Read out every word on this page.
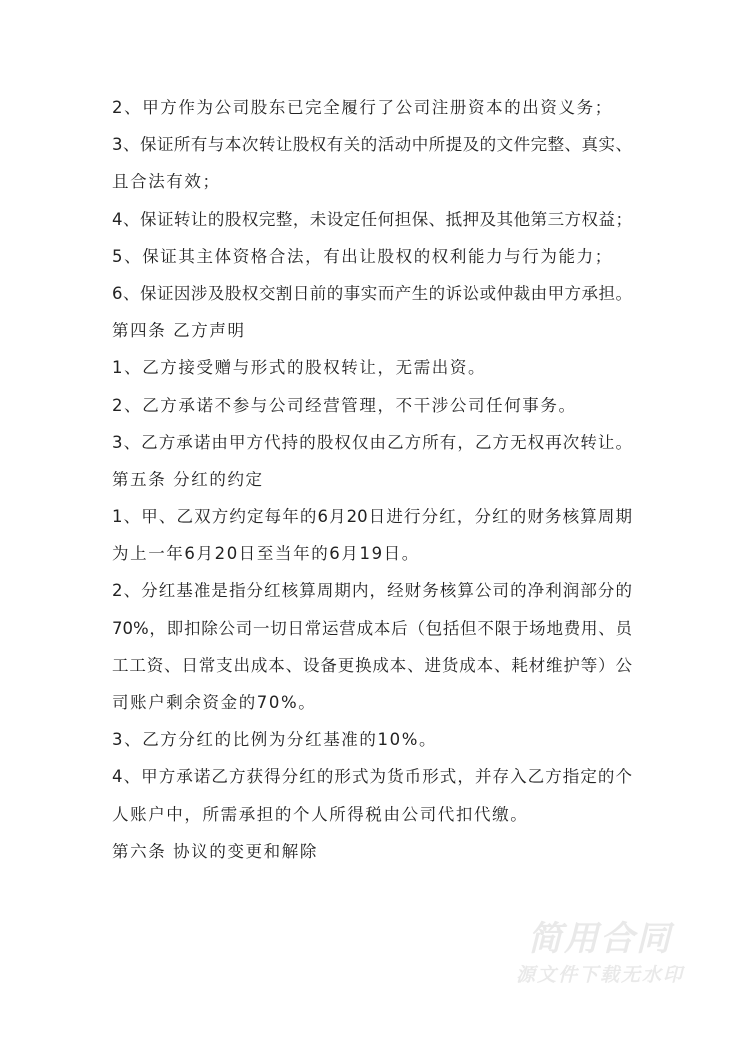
2、甲方作为公司股东已完全履行了公司注册资本的出资义务；
3、保证所有与本次转让股权有关的活动中所提及的文件完整、真实、
且合法有效；
4、保证转让的股权完整，未设定任何担保、抵押及其他第三方权益；
5、保证其主体资格合法，有出让股权的权利能力与行为能力；
6、保证因涉及股权交割日前的事实而产生的诉讼或仲裁由甲方承担。
第四条 乙方声明
1、乙方接受赠与形式的股权转让，无需出资。
2、乙方承诺不参与公司经营管理，不干涉公司任何事务。
3、乙方承诺由甲方代持的股权仅由乙方所有，乙方无权再次转让。
第五条 分红的约定
1、甲、乙双方约定每年的6月20日进行分红，分红的财务核算周期
为上一年6月20日至当年的6月19日。
2、分红基准是指分红核算周期内，经财务核算公司的净利润部分的
70%，即扣除公司一切日常运营成本后（包括但不限于场地费用、员
工工资、日常支出成本、设备更换成本、进货成本、耗材维护等）公
司账户剩余资金的70%。
3、乙方分红的比例为分红基准的10%。
4、甲方承诺乙方获得分红的形式为货币形式，并存入乙方指定的个
人账户中，所需承担的个人所得税由公司代扣代缴。
第六条 协议的变更和解除
简用合同
源文件下载无水印
